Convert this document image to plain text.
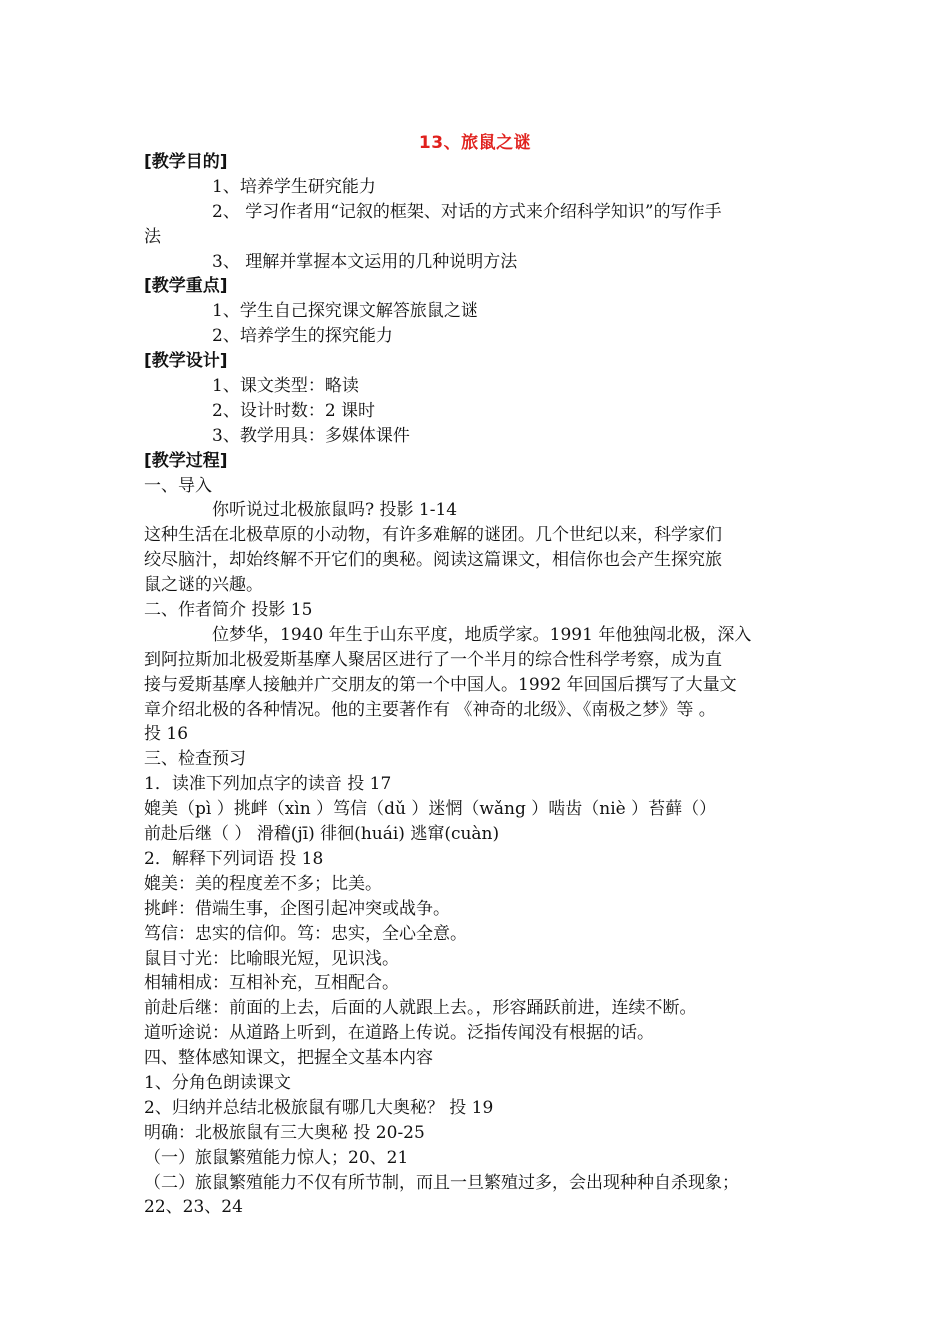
13、旅鼠之谜
[教学目的]
1、培养学生研究能力
2、 学习作者用“记叙的框架、对话的方式来介绍科学知识”的写作手
法
3、 理解并掌握本文运用的几种说明方法
[教学重点]
1、学生自己探究课文解答旅鼠之谜
2、培养学生的探究能力
[教学设计]
1、课文类型：略读
2、设计时数：2 课时
3、教学用具：多媒体课件
[教学过程]
一、导入
你听说过北极旅鼠吗? 投影 1-14
这种生活在北极草原的小动物，有许多难解的谜团。几个世纪以来，科学家们
绞尽脑汁，却始终解不开它们的奥秘。阅读这篇课文，相信你也会产生探究旅
鼠之谜的兴趣。
二、作者简介 投影 15
位梦华，1940 年生于山东平度，地质学家。1991 年他独闯北极，深入
到阿拉斯加北极爱斯基摩人聚居区进行了一个半月的综合性科学考察，成为直
接与爱斯基摩人接触并广交朋友的第一个中国人。1992 年回国后撰写了大量文
章介绍北极的各种情况。他的主要著作有 《神奇的北级》、《南极之梦》等 。
投 16
三、检查预习
1．读准下列加点字的读音 投 17
媲美（pì ）挑衅（xìn ）笃信（dǔ ）迷惘（wǎng ）啮齿（niè ）苔藓（）
前赴后继（ ） 滑稽(jī) 徘徊(huái) 逃窜(cuàn)
2．解释下列词语 投 18
媲美：美的程度差不多；比美。
挑衅：借端生事，企图引起冲突或战争。
笃信：忠实的信仰。笃：忠实，全心全意。
鼠目寸光：比喻眼光短，见识浅。
相辅相成：互相补充，互相配合。
前赴后继：前面的上去，后面的人就跟上去。，形容踊跃前进，连续不断。
道听途说：从道路上听到，在道路上传说。泛指传闻没有根据的话。
四、整体感知课文，把握全文基本内容
1、分角色朗读课文
2、归纳并总结北极旅鼠有哪几大奥秘？ 投 19
明确：北极旅鼠有三大奥秘 投 20-25
（一）旅鼠繁殖能力惊人；20、21
（二）旅鼠繁殖能力不仅有所节制，而且一旦繁殖过多，会出现种种自杀现象；
22、23、24
